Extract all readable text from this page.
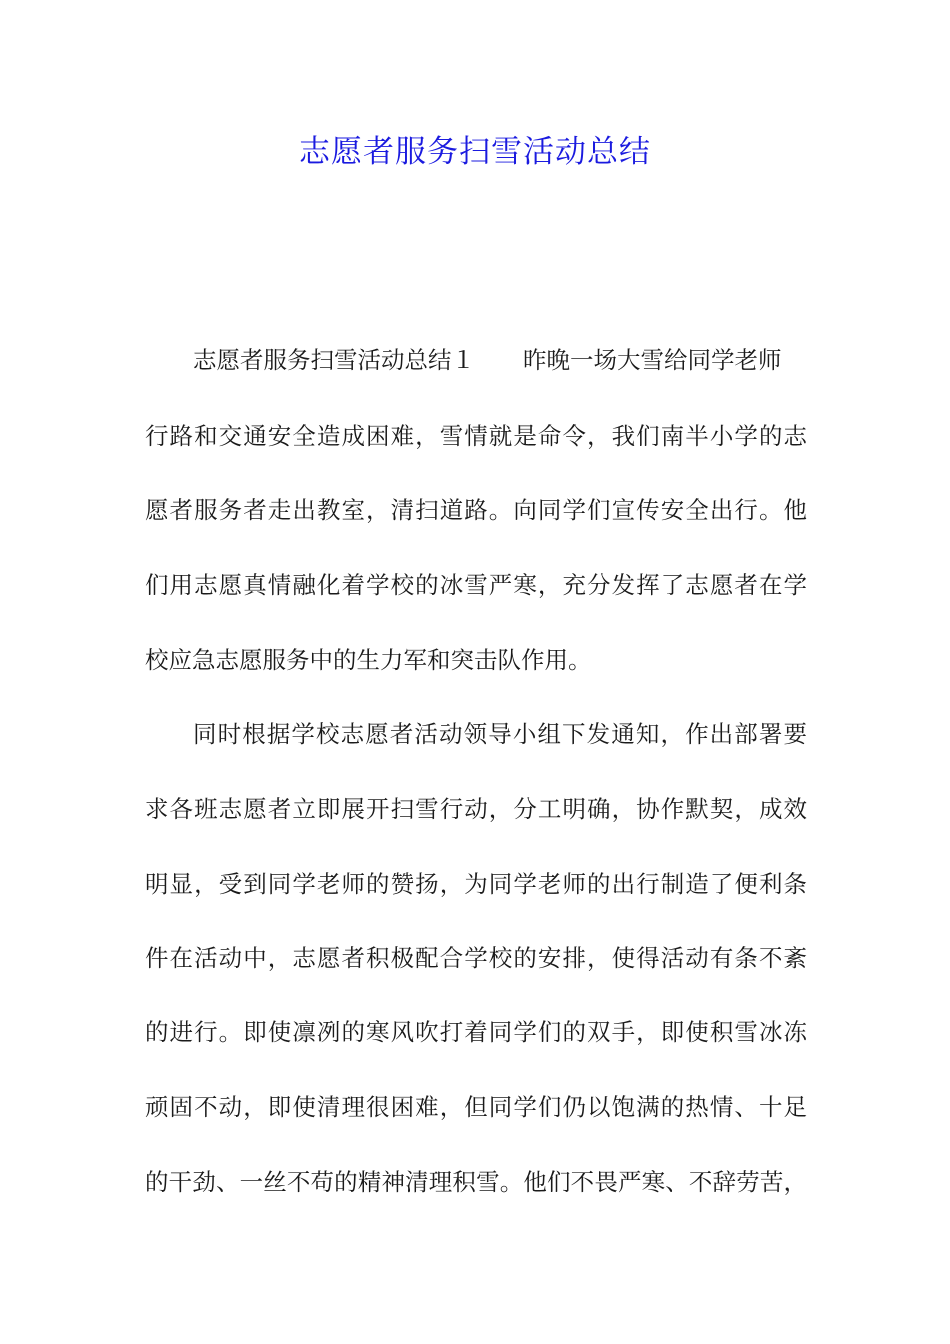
志愿者服务扫雪活动总结
志愿者服务扫雪活动总结１ 昨晚一场大雪给同学老师
行路和交通安全造成困难，雪情就是命令，我们南半小学的志
愿者服务者走出教室，清扫道路。向同学们宣传安全出行。他
们用志愿真情融化着学校的冰雪严寒，充分发挥了志愿者在学
校应急志愿服务中的生力军和突击队作用。
同时根据学校志愿者活动领导小组下发通知，作出部署要
求各班志愿者立即展开扫雪行动，分工明确，协作默契，成效
明显，受到同学老师的赞扬，为同学老师的出行制造了便利条
件在活动中，志愿者积极配合学校的安排，使得活动有条不紊
的进行。即使凛冽的寒风吹打着同学们的双手，即使积雪冰冻
顽固不动，即使清理很困难，但同学们仍以饱满的热情、十足
的干劲、一丝不苟的精神清理积雪。他们不畏严寒、不辞劳苦，
